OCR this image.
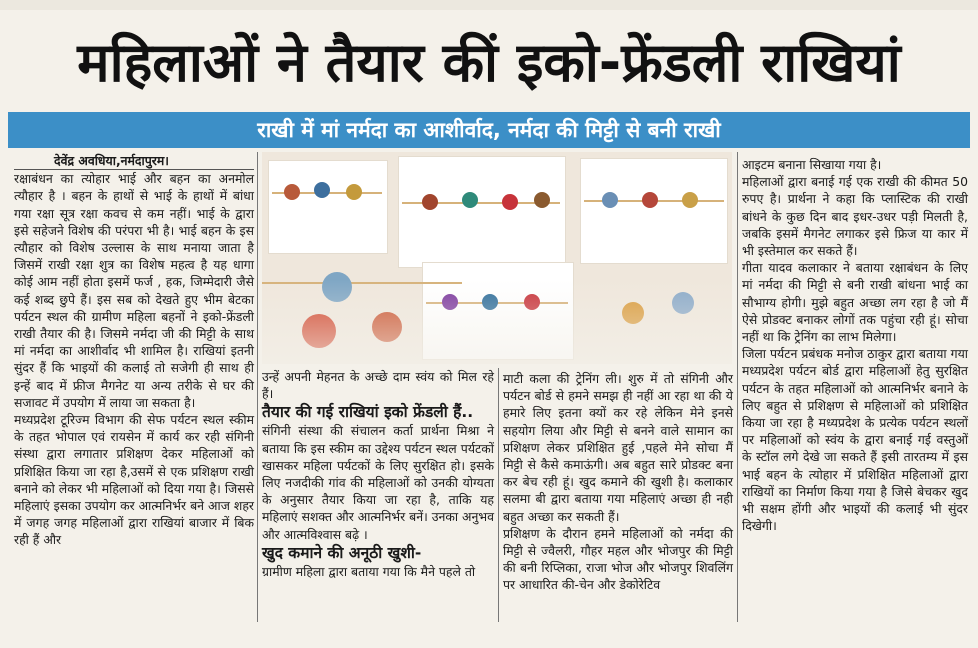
महिलाओं ने तैयार कीं इको-फ्रेंडली राखियां
राखी में मां नर्मदा का आशीर्वाद, नर्मदा की मिट्टी से बनी राखी

देवेंद्र अवधिया,नर्मदापुरम।

रक्षाबंधन का त्योहार भाई और बहन का अनमोल त्यौहार है । बहन के हाथों से भाई के हाथों में बांधा गया रक्षा सूत्र रक्षा कवच से कम नहीं। भाई के द्वारा इसे सहेजने विशेष की परंपरा भी है। भाई बहन के इस त्यौहार को विशेष उल्लास के साथ मनाया जाता है जिसमें राखी रक्षा शुत्र का विशेष महत्व है यह धागा कोई आम नहीं होता इसमें फर्ज , हक, जिम्मेदारी जैसे कई शब्द छुपे हैं। इस सब को देखते हुए भीम बेटका पर्यटन स्थल की ग्रामीण महिला बहनों ने इको-फ्रेंडली राखी तैयार की है। जिसमे नर्मदा जी की मिट्टी के साथ मां नर्मदा का आशीर्वाद भी शामिल है। राखियां इतनी सुंदर हैं कि भाइयों की कलाई तो सजेगी ही साथ ही इन्हें बाद में फ्रीज मैगनेट या अन्य तरीके से घर की सजावट में उपयोग में लाया जा सकता है।

मध्यप्रदेश टूरिज्म विभाग की सेफ पर्यटन स्थल स्कीम के तहत भोपाल एवं रायसेन में कार्य कर रही संगिनी संस्था द्वारा लगातार प्रशिक्षण देकर महिलाओं को प्रशिक्षित किया जा रहा है,उसमें से एक प्रशिक्षण राखी बनाने को लेकर भी महिलाओं को दिया गया है। जिससे महिलाएं इसका उपयोग कर आत्मनिर्भर बने आज शहर में जगह जगह महिलाओं द्वारा राखियां बाजार में बिक रही हैं और

उन्हें अपनी मेहनत के अच्छे दाम स्वंय को मिल रहे हैं।

तैयार की गई राखियां इको फ्रेंडली हैं..

संगिनी संस्था की संचालन कर्ता प्रार्थना मिश्रा ने बताया कि इस स्कीम का उद्देश्य पर्यटन स्थल पर्यटकों खासकर महिला पर्यटकों के लिए सुरक्षित हो। इसके लिए नजदीकी गांव की महिलाओं को उनकी योग्यता के अनुसार तैयार किया जा रहा है, ताकि यह महिलाएं सशक्त और आत्मनिर्भर बनें। उनका अनुभव और आत्मविश्वास बढ़े ।

खुद कमाने की अनूठी खुशी-

ग्रामीण महिला द्वारा बताया गया कि मैने पहले तो

माटी कला की ट्रेनिंग ली। शुरु में तो संगिनी और पर्यटन बोर्ड से हमने समझ ही नहीं आ रहा था की ये हमारे लिए इतना क्यों कर रहे लेकिन मेने इनसे सहयोग लिया और मिट्टी से बनने वाले सामान का प्रशिक्षण लेकर प्रशिक्षित हुई ,पहले मेने सोचा मैं मिट्टी से कैसे कमाऊंगी। अब बहुत सारे प्रोडक्ट बना कर बेच रही हूं। खुद कमाने की खुशी है। कलाकार सलमा बी द्वारा बताया गया महिलाएं अच्छा ही नही बहुत अच्छा कर सकती हैं।

प्रशिक्षण के दौरान हमने महिलाओं को नर्मदा की मिट्टी से ज्वैलरी, गौहर महल और भोजपुर की मिट्टी की बनी रिप्लिका, राजा भोज और भोजपुर शिवलिंग पर आधारित की-चेन और डेकोरेटिव

आइटम बनाना सिखाया गया है।

महिलाओं द्वारा बनाई गई एक राखी की कीमत 50 रुपए है। प्रार्थना ने कहा कि प्लास्टिक की राखी बांधने के कुछ दिन बाद इधर-उधर पड़ी मिलती है, जबकि इसमें मैगनेट लगाकर इसे फ्रिज या कार में भी इस्तेमाल कर सकते हैं।

गीता यादव कलाकार ने बताया रक्षाबंधन के लिए मां नर्मदा की मिट्टी से बनी राखी बांधना भाई का सौभाग्य होगी। मुझे बहुत अच्छा लग रहा है जो मैं ऐसे प्रोडक्ट बनाकर लोगों तक पहुंचा रही हूं। सोचा नहीं था कि ट्रेनिंग का लाभ मिलेगा।

जिला पर्यटन प्रबंधक मनोज ठाकुर द्वारा बताया गया मध्यप्रदेश पर्यटन बोर्ड द्वारा महिलाओं हेतु सुरक्षित पर्यटन के तहत महिलाओं को आत्मनिर्भर बनाने के लिए बहुत से प्रशिक्षण से महिलाओं को प्रशिक्षित किया जा रहा है मध्यप्रदेश के प्रत्येक पर्यटन स्थलों पर महिलाओं को स्वंय के द्वारा बनाई गई वस्तुओं के स्टॉल लगे देखे जा सकते हैं इसी तारतम्य में इस भाई बहन के त्योहार में प्रशिक्षित महिलाओं द्वारा राखियों का निर्माण किया गया है जिसे बेचकर खुद भी सक्षम होंगी और भाइयों की कलाई भी सुंदर दिखेगी।
